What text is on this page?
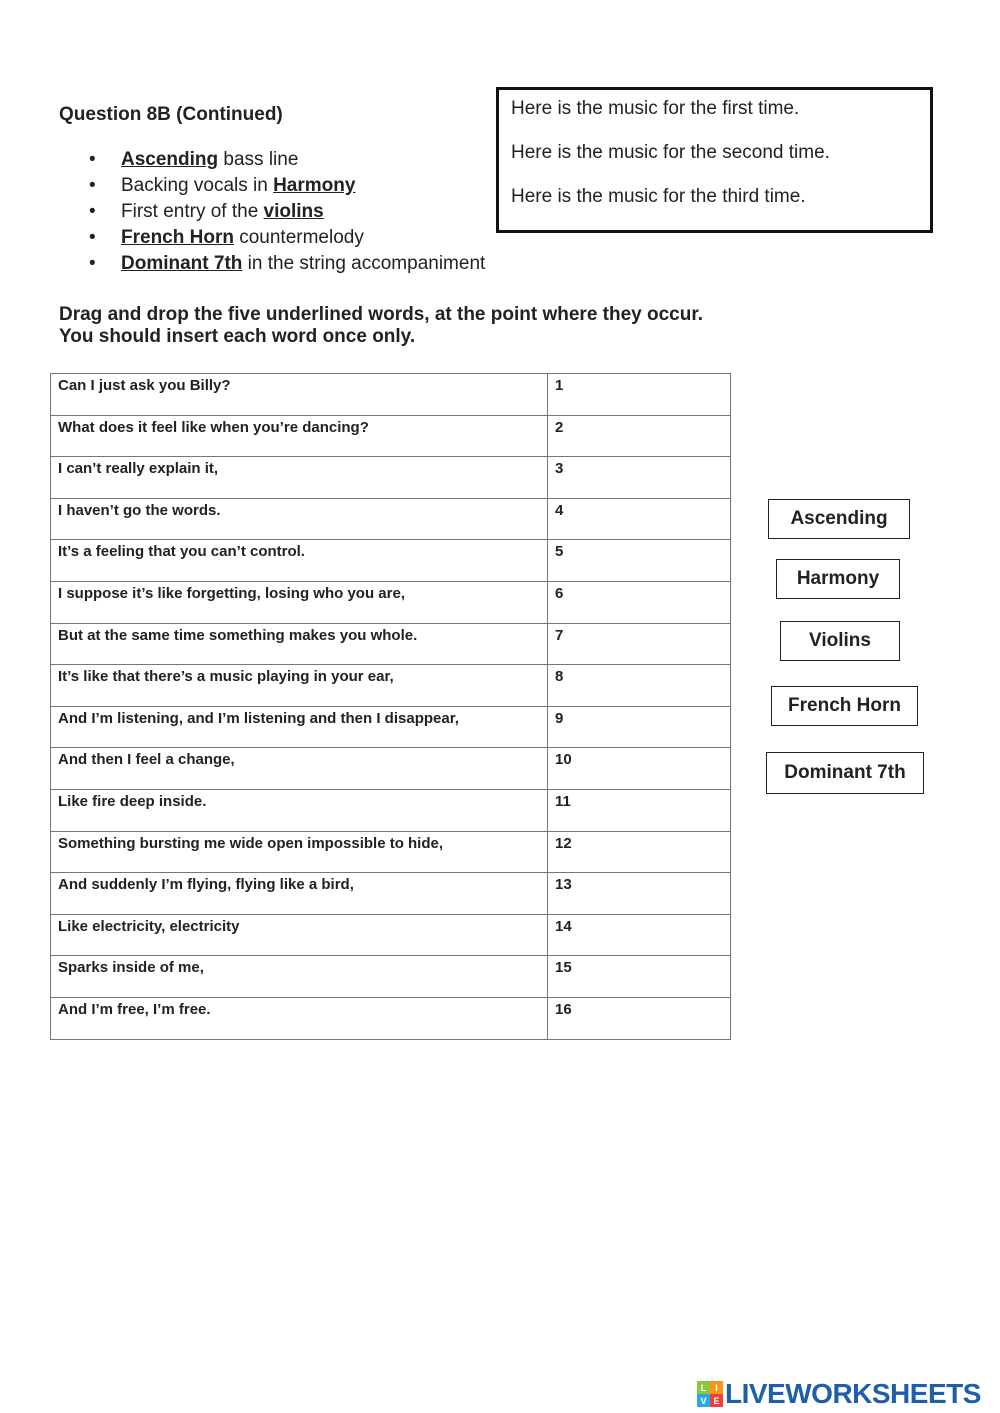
Question 8B (Continued)
• Ascending bass line
• Backing vocals in Harmony
• First entry of the violins
• French Horn countermelody
• Dominant 7th in the string accompaniment

Here is the music for the first time.

Here is the music for the second time.

Here is the music for the third time.

Drag and drop the five underlined words, at the point where they occur.
You should insert each word once only.
Can I just ask you Billy?	1
What does it feel like when you’re dancing?	2
I can’t really explain it,	3
I haven’t go the words.	4
It’s a feeling that you can’t control.	5
I suppose it’s like forgetting, losing who you are,	6
But at the same time something makes you whole.	7
It’s like that there’s a music playing in your ear,	8
And I’m listening, and I’m listening and then I disappear,	9
And then I feel a change,	10
Like fire deep inside.	11
Something bursting me wide open impossible to hide,	12
And suddenly I’m flying, flying like a bird,	13
Like electricity, electricity	14
Sparks inside of me,	15
And I’m free, I’m free.	16
Ascending
Harmony
Violins
French Horn
Dominant 7th
L I
V E LIVEWORKSHEETS
